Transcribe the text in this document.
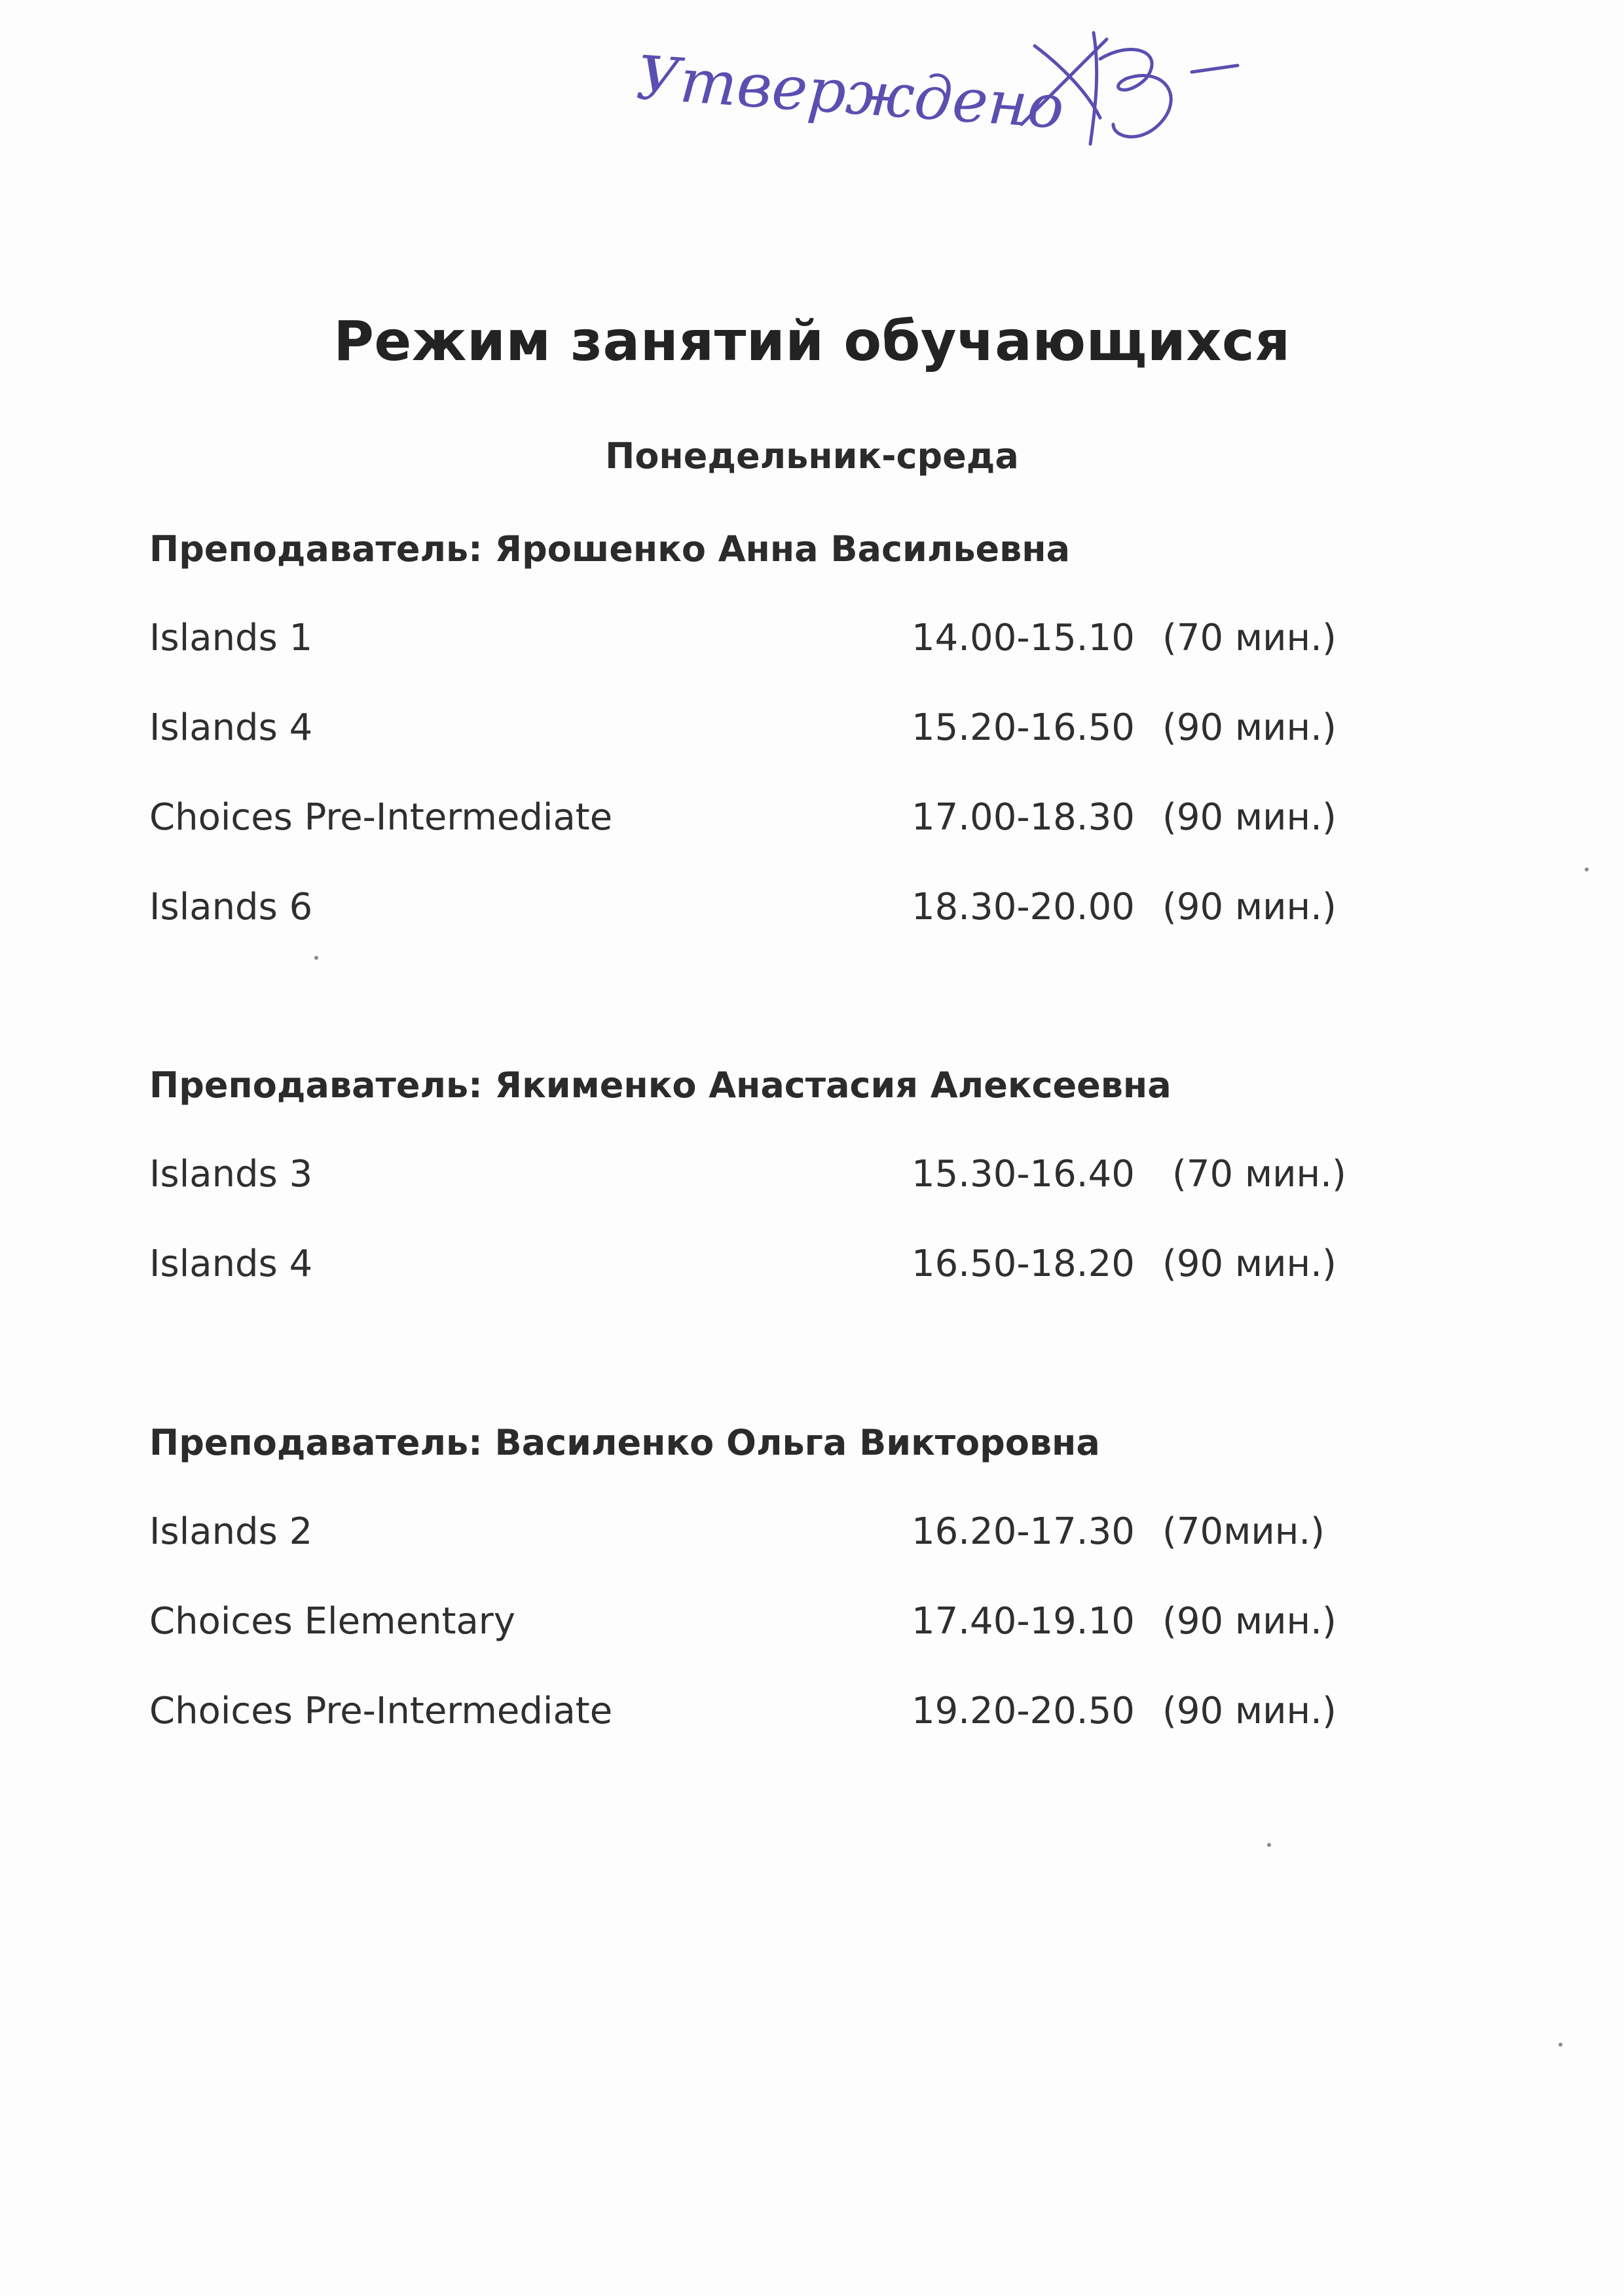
Утверждено
Режим занятий обучающихся
Понедельник-среда
Преподаватель: Ярошенко Анна Васильевна
Islands 1	14.00-15.10 (70 мин.)
Islands 4	15.20-16.50 (90 мин.)
Choices Pre-Intermediate	17.00-18.30 (90 мин.)
Islands 6	18.30-20.00 (90 мин.)
Преподаватель: Якименко Анастасия Алексеевна
Islands 3	15.30-16.40 (70 мин.)
Islands 4	16.50-18.20 (90 мин.)
Преподаватель: Василенко Ольга Викторовна
Islands 2	16.20-17.30 (70мин.)
Choices Elementary	17.40-19.10 (90 мин.)
Choices Pre-Intermediate	19.20-20.50 (90 мин.)
